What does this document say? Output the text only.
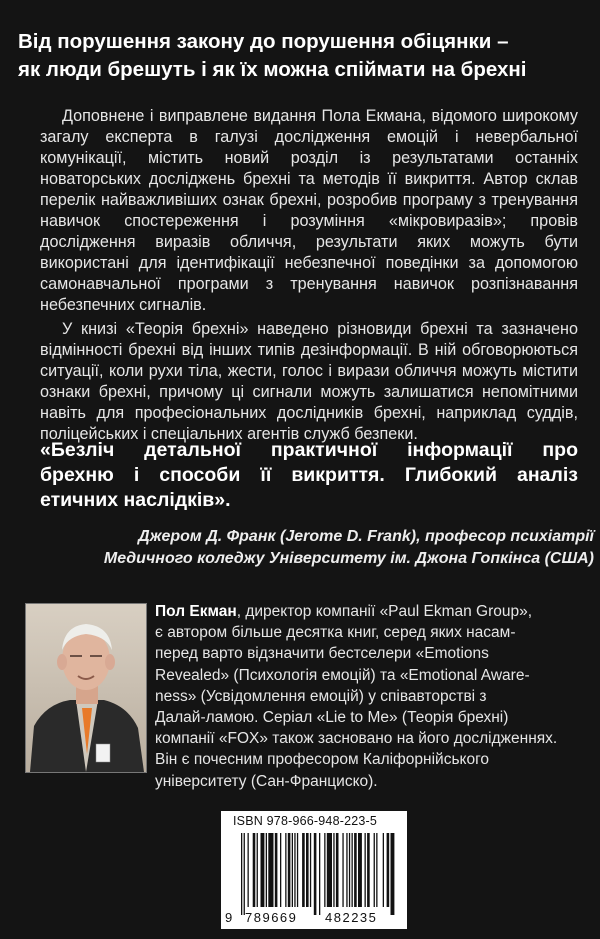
Від порушення закону до порушення обіцянки –
як люди брешуть і як їх можна спіймати на брехні

Доповнене і виправлене видання Пола Екмана, відомого широкому загалу експерта в галузі дослідження емоцій і невербальної комунікації, містить новий розділ із результатами останніх новаторських досліджень брехні та методів її викриття. Автор склав перелік найважливіших ознак брехні, розробив програму з тренування навичок спостереження і розуміння «мікровиразів»; провів дослідження виразів обличчя, результати яких можуть бути використані для ідентифікації небезпечної поведінки за допомогою самонавчальної програми з тренування навичок розпізнавання небезпечних сигналів.

У книзі «Теорія брехні» наведено різновиди брехні та зазначено відмінності брехні від інших типів дезінформації. В ній обговорюються ситуації, коли рухи тіла, жести, голос і вирази обличчя можуть містити ознаки брехні, причому ці сигнали можуть залишатися непомітними навіть для професіональних дослідників брехні, наприклад суддів, поліцейських і спеціальних агентів служб безпеки.

«Безліч детальної практичної інформації про
брехню і способи її викриття. Глибокий аналіз
етичних наслідків».
Джером Д. Франк (Jerome D. Frank), професор психіатрії
Медичного коледжу Університету ім. Джона Гопкінса (США)
Пол Екман, директор компанії «Paul Ekman Group»,
є автором більше десятка книг, серед яких насам-
перед варто відзначити бестселери «Emotions
Revealed» (Психологія емоцій) та «Emotional Aware-
ness» (Усвідомлення емоцій) у співавторстві з
Далай-ламою. Серіал «Lie to Me» (Теорія брехні)
компанії «FOX» також засновано на його дослідженнях.
Він є почесним професором Каліфорнійського
університету (Сан-Франциско).
ISBN 978-966-948-223-5
9 789669 482235
